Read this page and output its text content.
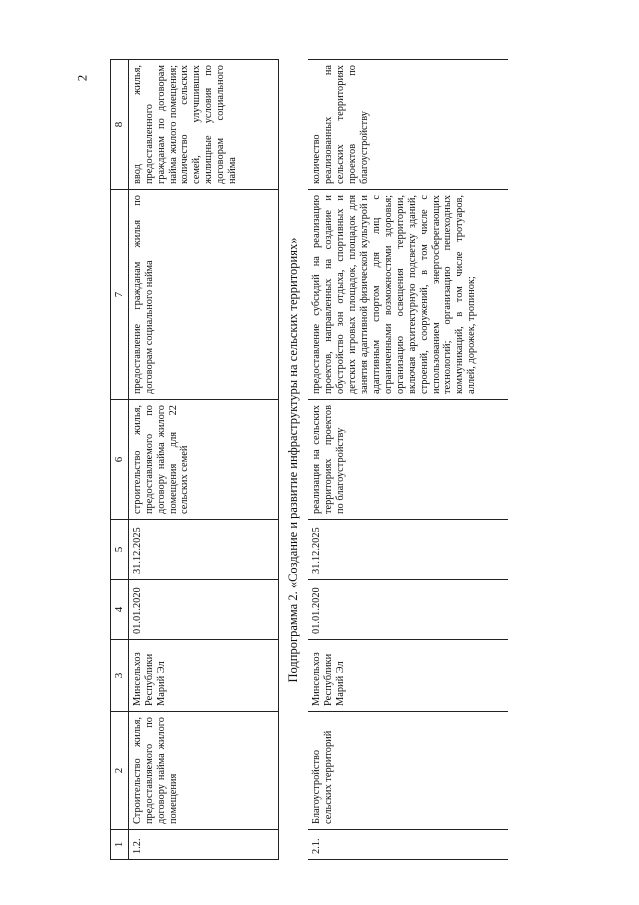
2
1	2	3	4	5	6	7	8
1.2.	Строительство жилья, предоставляемого по договору найма жилого помещения	Минсельхоз Республики Марий Эл	01.01.2020	31.12.2025	строительство жилья, предоставляемого по договору найма жилого помещения для 22 сельских семей	предоставление гражданам жилья по договорам социального найма	ввод жилья, предоставленного гражданам по договорам найма жилого помещения; количество сельских семей, улучшивших жилищные условия по договорам социального найма
Подпрограмма 2. «Создание и развитие инфраструктуры на сельских территориях»
2.1.	Благоустройство сельских территорий	Минсельхоз Республики Марий Эл	01.01.2020	31.12.2025	реализация на сельских территориях проектов по благоустройству	предоставление субсидий на реализацию проектов, направленных на создание и обустройство зон отдыха, спортивных и детских игровых площадок, площадок для занятия адаптивной физической культурой и адаптивным спортом для лиц с ограниченными возможностями здоровья; организацию освещения территории, включая архитектурную подсветку зданий, строений, сооружений, в том числе с использованием энергосберегающих технологий; организацию пешеходных коммуникаций, в том числе тротуаров, аллей, дорожек, тропинок;	количество реализованных на сельских территориях проектов по благоустройству
